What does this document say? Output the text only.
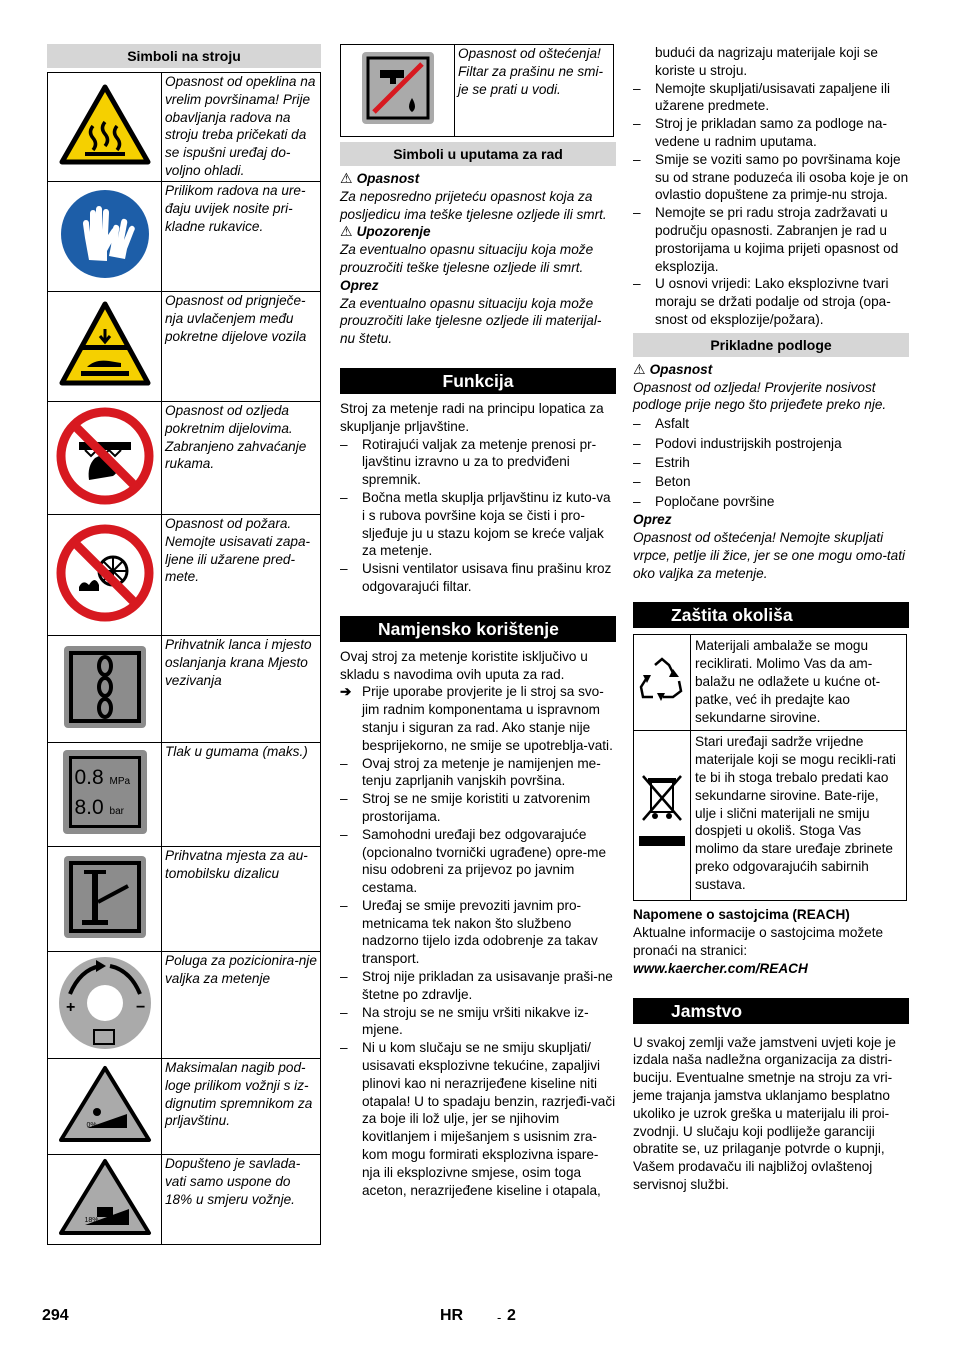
Simboli na stroju
	Opasnost od opeklina na vrelim površinama! Prije obavljanja radova na stroju treba pričekati da se ispušni uređaj do-voljno ohladi.
	Prilikom radova na ure-đaju uvijek nosite pri-kladne rukavice.
	Opasnost od prignječe-nja uvlačenjem među pokretne dijelove vozila
	Opasnost od ozljeda pokretnim dijelovima. Zabranjeno zahvaćanje rukama.
	Opasnost od požara. Nemojte usisavati zapa-ljene ili užarene pred-mete.
	Prihvatnik lanca i mjesto oslanjanja krana Mjesto vezivanja

0.8 MPa
8.0 bar	Tlak u gumama (maks.)
	Prihvatna mjesta za au-tomobilsku dizalicu

+ −	Poluga za pozicionira-nje valjka za metenje

0%	Maksimalan nagib pod-loge prilikom vožnji s iz-dignutim spremnikom za prljavštinu.

18%	Dopušteno je savlada-vati samo uspone do 18% u smjeru vožnje.
	Opasnost od oštećenja! Filtar za prašinu ne smi-je se prati u vodi.
Simboli u uputama za rad
⚠ Opasnost

Za neposredno prijeteću opasnost koja za posljedicu ima teške tjelesne ozljede ili smrt.

⚠ Upozorenje

Za eventualno opasnu situaciju koja može prouzročiti teške tjelesne ozljede ili smrt.

Oprez

Za eventualno opasnu situaciju koja može prouzročiti lake tjelesne ozljede ili materijal-nu štetu.

Funkcija

Stroj za metenje radi na principu lopatica za skupljanje prljavštine.

– Rotirajući valjak za metenje prenosi pr-ljavštinu izravno u za to predviđeni spremnik.
– Bočna metla skuplja prljavštinu iz kuto-va i s rubova površine koja se čisti i pro-sljeđuje ju u stazu kojom se kreće valjak za metenje.
– Usisni ventilator usisava finu prašinu kroz odgovarajući filtar.
Namjensko korištenje

Ovaj stroj za metenje koristite isključivo u skladu s navodima ovih uputa za rad.

➔ Prije uporabe provjerite je li stroj sa svo-jim radnim komponentama u ispravnom stanju i siguran za rad. Ako stanje nije besprijekorno, ne smije se upotreblja-vati.
– Ovaj stroj za metenje je namijenjen me-tenju zaprljanih vanjskih površina.
– Stroj se ne smije koristiti u zatvorenim prostorijama.
– Samohodni uređaji bez odgovarajuće (opcionalno tvornički ugrađene) opre-me nisu odobreni za prijevoz po javnim cestama.
– Uređaj se smije prevoziti javnim pro-metnicama tek nakon što službeno nadzorno tijelo izda odobrenje za takav transport.
– Stroj nije prikladan za usisavanje praši-ne štetne po zdravlje.
– Na stroju se ne smiju vršiti nikakve iz-mjene.
– Ni u kom slučaju se ne smiju skupljati/ usisavati eksplozivne tekućine, zapaljivi plinovi kao ni nerazrijeđene kiseline niti otapala! U to spadaju benzin, razrjeđi-vači za boje ili lož ulje, jer se njihovim kovitlanjem i miješanjem s usisnim zra-kom mogu formirati eksplozivna ispare-nja ili eksplozivne smjese, osim toga aceton, nerazrijeđene kiseline i otapala,

budući da nagrizaju materijale koji se koriste u stroju.

– Nemojte skupljati/usisavati zapaljene ili užarene predmete.
– Stroj je prikladan samo za podloge na-vedene u radnim uputama.
– Smije se voziti samo po površinama koje su od strane poduzeća ili osoba koje je on ovlastio dopuštene za primje-nu stroja.
– Nemojte se pri radu stroja zadržavati u području opasnosti. Zabranjen je rad u prostorijama u kojima prijeti opasnost od eksplozija.
– U osnovi vrijedi: Lako eksplozivne tvari moraju se držati podalje od stroja (opa-snost od eksplozije/požara).
Prikladne podloge
⚠ Opasnost

Opasnost od ozljeda! Provjerite nosivost podloge prije nego što prijeđete preko nje.

– Asfalt
– Podovi industrijskih postrojenja
– Estrih
– Beton
– Popločane površine
Oprez

Opasnost od oštećenja! Nemojte skupljati vrpce, petlje ili žice, jer se one mogu omo-tati oko valjka za metenje.

Zaštita okoliša
	Materijali ambalaže se mogu reciklirati. Molimo Vas da am-balažu ne odlažete u kućne ot-patke, već ih predajte kao sekundarne sirovine.
	Stari uređaji sadrže vrijedne materijale koji se mogu recikli-rati te bi ih stoga trebalo predati kao sekundarne sirovine. Bate-rije, ulje i slični materijali ne smiju dospjeti u okoliš. Stoga Vas molimo da stare uređaje zbrinete preko odgovarajućih sabirnih sustava.

Napomene o sastojcima (REACH)

Aktualne informacije o sastojcima možete pronaći na stranici:

www.kaercher.com/REACH

Jamstvo

U svakoj zemlji važe jamstveni uvjeti koje je izdala naša nadležna organizacija za distri-buciju. Eventualne smetnje na stroju za vri-jeme trajanja jamstva uklanjamo besplatno ukoliko je uzrok greška u materijalu ili proi-zvodnji. U slučaju koji podliježe garanciji obratite se, uz prilaganje potvrde o kupnji, Vašem prodavaču ili najbližoj ovlaštenoj servisnoj službi.

294	HR	- 2
